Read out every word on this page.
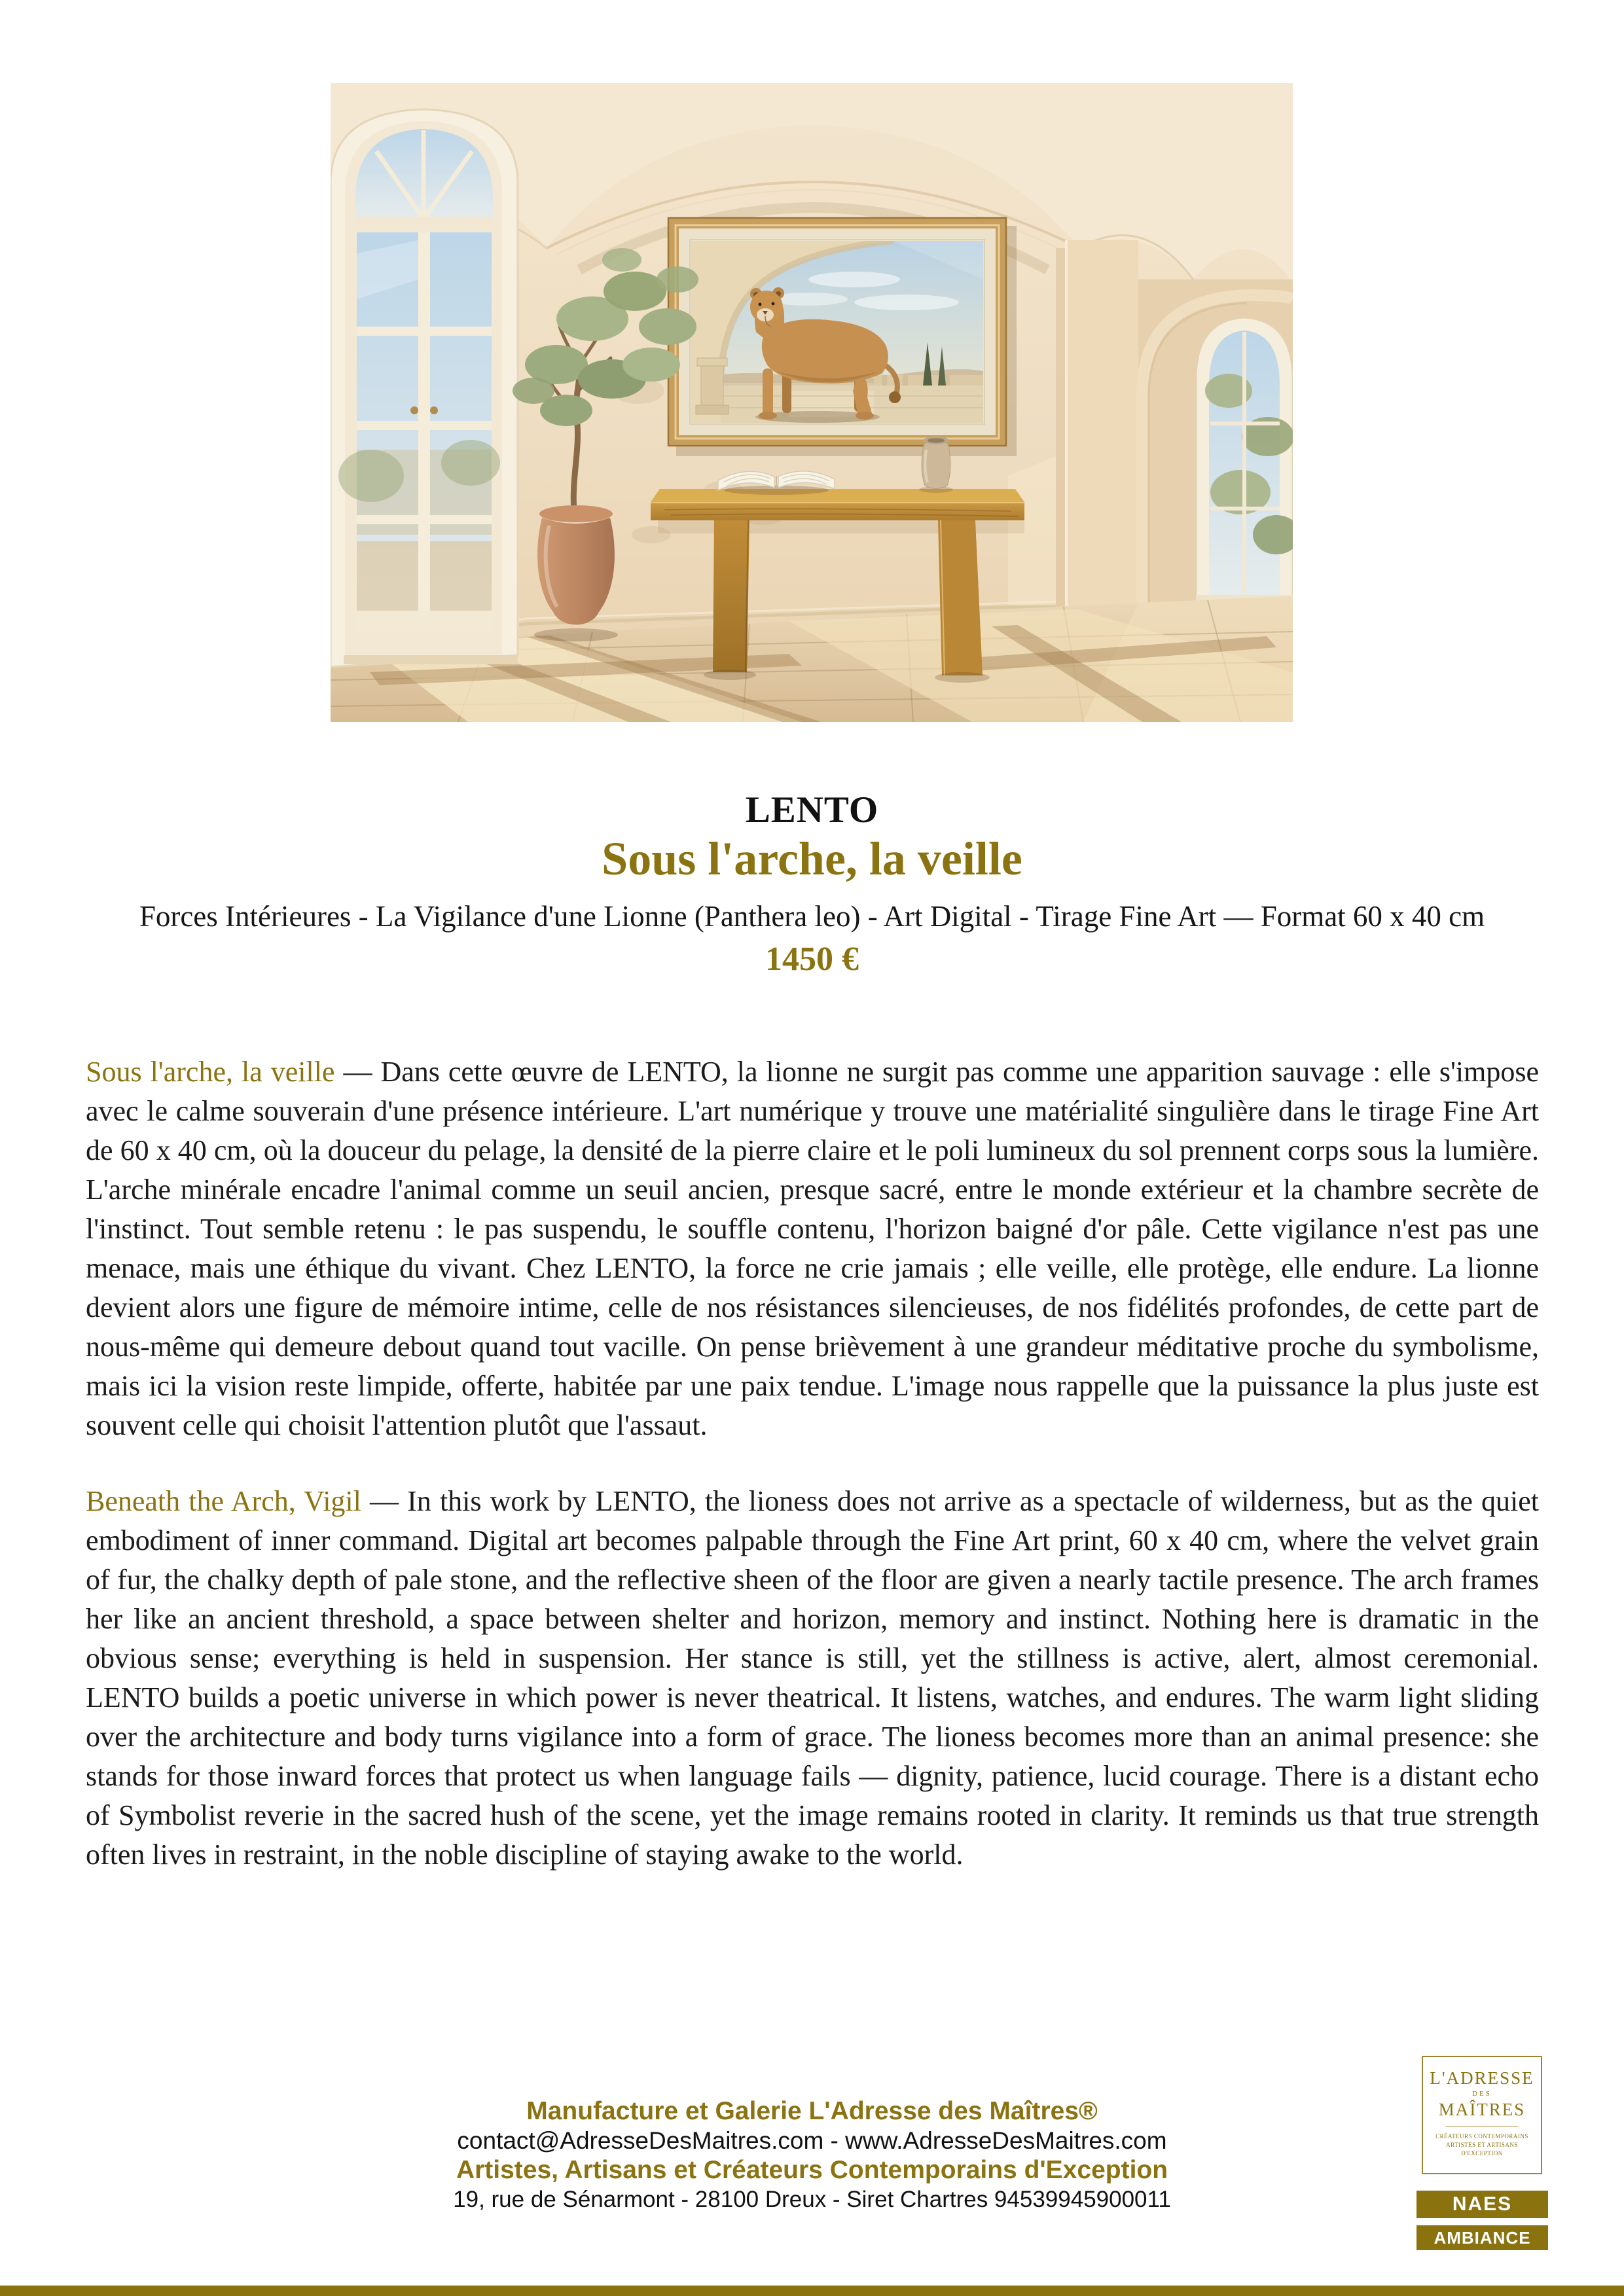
LENTO
Sous l'arche, la veille

Forces Intérieures - La Vigilance d'une Lionne (Panthera leo) - Art Digital - Tirage Fine Art — Format 60 x 40 cm

1450 €

Sous l'arche, la veille — Dans cette œuvre de LENTO, la lionne ne surgit pas comme une apparition sauvage : elle s'impose avec le calme souverain d'une présence intérieure. L'art numérique y trouve une matérialité singulière dans le tirage Fine Art de 60 x 40 cm, où la douceur du pelage, la densité de la pierre claire et le poli lumineux du sol prennent corps sous la lumière. L'arche minérale encadre l'animal comme un seuil ancien, presque sacré, entre le monde extérieur et la chambre secrète de l'instinct. Tout semble retenu : le pas suspendu, le souffle contenu, l'horizon baigné d'or pâle. Cette vigilance n'est pas une menace, mais une éthique du vivant. Chez LENTO, la force ne crie jamais ; elle veille, elle protège, elle endure. La lionne devient alors une figure de mémoire intime, celle de nos résistances silencieuses, de nos fidélités profondes, de cette part de nous-même qui demeure debout quand tout vacille. On pense brièvement à une grandeur méditative proche du symbolisme, mais ici la vision reste limpide, offerte, habitée par une paix tendue. L'image nous rappelle que la puissance la plus juste est souvent celle qui choisit l'attention plutôt que l'assaut.

Beneath the Arch, Vigil — In this work by LENTO, the lioness does not arrive as a spectacle of wilderness, but as the quiet embodiment of inner command. Digital art becomes palpable through the Fine Art print, 60 x 40 cm, where the velvet grain of fur, the chalky depth of pale stone, and the reflective sheen of the floor are given a nearly tactile presence. The arch frames her like an ancient threshold, a space between shelter and horizon, memory and instinct. Nothing here is dramatic in the obvious sense; everything is held in suspension. Her stance is still, yet the stillness is active, alert, almost ceremonial. LENTO builds a poetic universe in which power is never theatrical. It listens, watches, and endures. The warm light sliding over the architecture and body turns vigilance into a form of grace. The lioness becomes more than an animal presence: she stands for those inward forces that protect us when language fails — dignity, patience, lucid courage. There is a distant echo of Symbolist reverie in the sacred hush of the scene, yet the image remains rooted in clarity. It reminds us that true strength often lives in restraint, in the noble discipline of staying awake to the world.

Manufacture et Galerie L'Adresse des Maîtres®

contact@AdresseDesMaitres.com - www.AdresseDesMaitres.com

Artistes, Artisans et Créateurs Contemporains d'Exception

19, rue de Sénarmont - 28100 Dreux - Siret Chartres 94539945900011

L'ADRESSE
DES
MAÎTRES
CRÉATEURS CONTEMPORAINS
ARTISTES ET ARTISANS
D'EXCEPTION
NAES
AMBIANCE
